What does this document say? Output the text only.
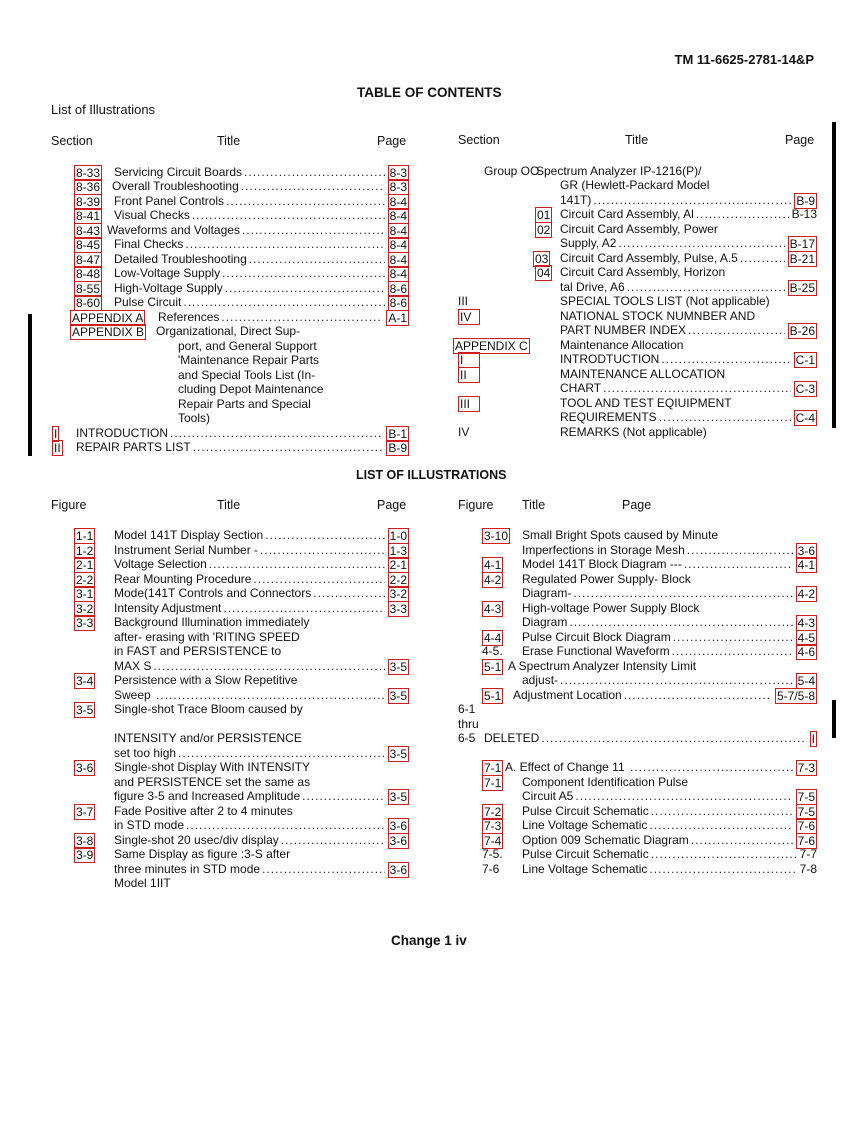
TM 11-6625-2781-14&P
TABLE OF CONTENTS
List of Illustrations
Section	Title	Page	Section	Title	Page
8-33 Servicing Circuit Boards	8-3
.....
8-36 Overall Troubleshooting	8-3
.....
8-39 Front Panel Controls	8-4
.....
8-41 Visual Checks	8-4
.....
8-43 Waveforms and Voltages	8-4
.....
8-45 Final Checks	8-4
.....
8-47 Detailed Troubleshooting	8-4
.....
8-48 Low-Voltage Supply	8-4
.....
8-55 High-Voltage Supply	8-6
.....
8-60 Pulse Circuit	8-6
.....
APPENDIX A References	A-1
.....
APPENDIX B Organizational, Direct Sup-
port, and General Support
'Maintenance Repair Parts
and Special Tools List (In-
cluding Depot Maintenance
Repair Parts and Special
Tools)
I INTRODUCTION	B-1
.....
II REPAIR PARTS LIST	B-9
.....
Group OO
Spectrum Analyzer IP-1216(P)/
GR (Hewlett-Packard Model
141T)	B-9
.....
01 Circuit Card Assembly, Al	B-13
.....
02 Circuit Card Assembly, Power
Supply, A2	B-17
.....
03 Circuit Card Assembly, Pulse, A.5	B-21
.....
04 Circuit Card Assembly, Horizon
tal Drive, A6	B-25
.....
III	SPECIAL TOOLS LIST (Not applicable)
IV	NATIONAL STOCK NUMNBER AND
PART NUMBER INDEX	B-26
.....
APPENDIX C	Maintenance Allocation
I	INTRODTUCTION	C-1
.....
II	MAINTENANCE ALLOCATION
CHART	C-3
.....
III	TOOL AND TEST EQIUIPMENT
REQUIREMENTS	C-4
.....
IV	REMARKS (Not applicable)
LIST OF ILLUSTRATIONS
Figure	Title	Page	Figure Title	Page
1-1 Model 141T Display Section	1-0
.....
1-2 Instrument Serial Number -	1-3
.....
2-1 Voltage Selection	2-1
.....
2-2 Rear Mounting Procedure	2-2
.....
3-1 Mode(141T Controls and Connectors	3-2
.....
3-2 Intensity Adjustment	3-3
.....
3-3 Background Illumination immediately
after- erasing with 'RITING SPEED
in FAST and PERSISTENCE to
MAX S	3-5
.....
3-4 Persistence with a Slow Repetitive
Sweep	3-5
.....
3-5 Single-shot Trace Bloom caused by
INTENSITY and/or PERSISTENCE
set too high	3-5
.....
3-6 Single-shot Display With INTENSITY
and PERSISTENCE set the same as
figure 3-5 and Increased Amplitude	3-5
.....
3-7 Fade Positive after 2 to 4 minutes
in STD mode	3-6
.....
3-8 Single-shot 20 usec/div display	3-6
.....
3-9 Same Display as figure :3-S after
three minutes in STD mode	3-6
.....
Model 1IIT
3-10 Small Bright Spots caused by Minute
Imperfections in Storage Mesh	3-6
.....
4-1 Model 141T Block Diagram ---	4-1
.....
4-2 Regulated Power Supply- Block
Diagram-	4-2
.....
4-3 High-voltage Power Supply Block
Diagram	4-3
.....
4-4 Pulse Circuit Block Diagram	4-5
.....
4-5. Erase Functional Waveform	4-6
.....
5-1 A Spectrum Analyzer Intensity Limit
adjust-	5-4
.....
5-1 Adjustment Location	5-7/5-8
.....
6-1
thru
6-5 DELETED	I
.....
7-1 A. Effect of Change 11	7-3
.....
7-1 Component Identification Pulse
Circuit A5	7-5
.....
7-2 Pulse Circuit Schematic	7-5
.....
7-3 Line Voltage Schematic	7-6
.....
7-4 Option 009 Schematic Diagram	7-6
.....
7-5. Pulse Circuit Schematic	7-7
.....
7-6 Line Voltage Schematic	7-8
.....
Change 1 iv
